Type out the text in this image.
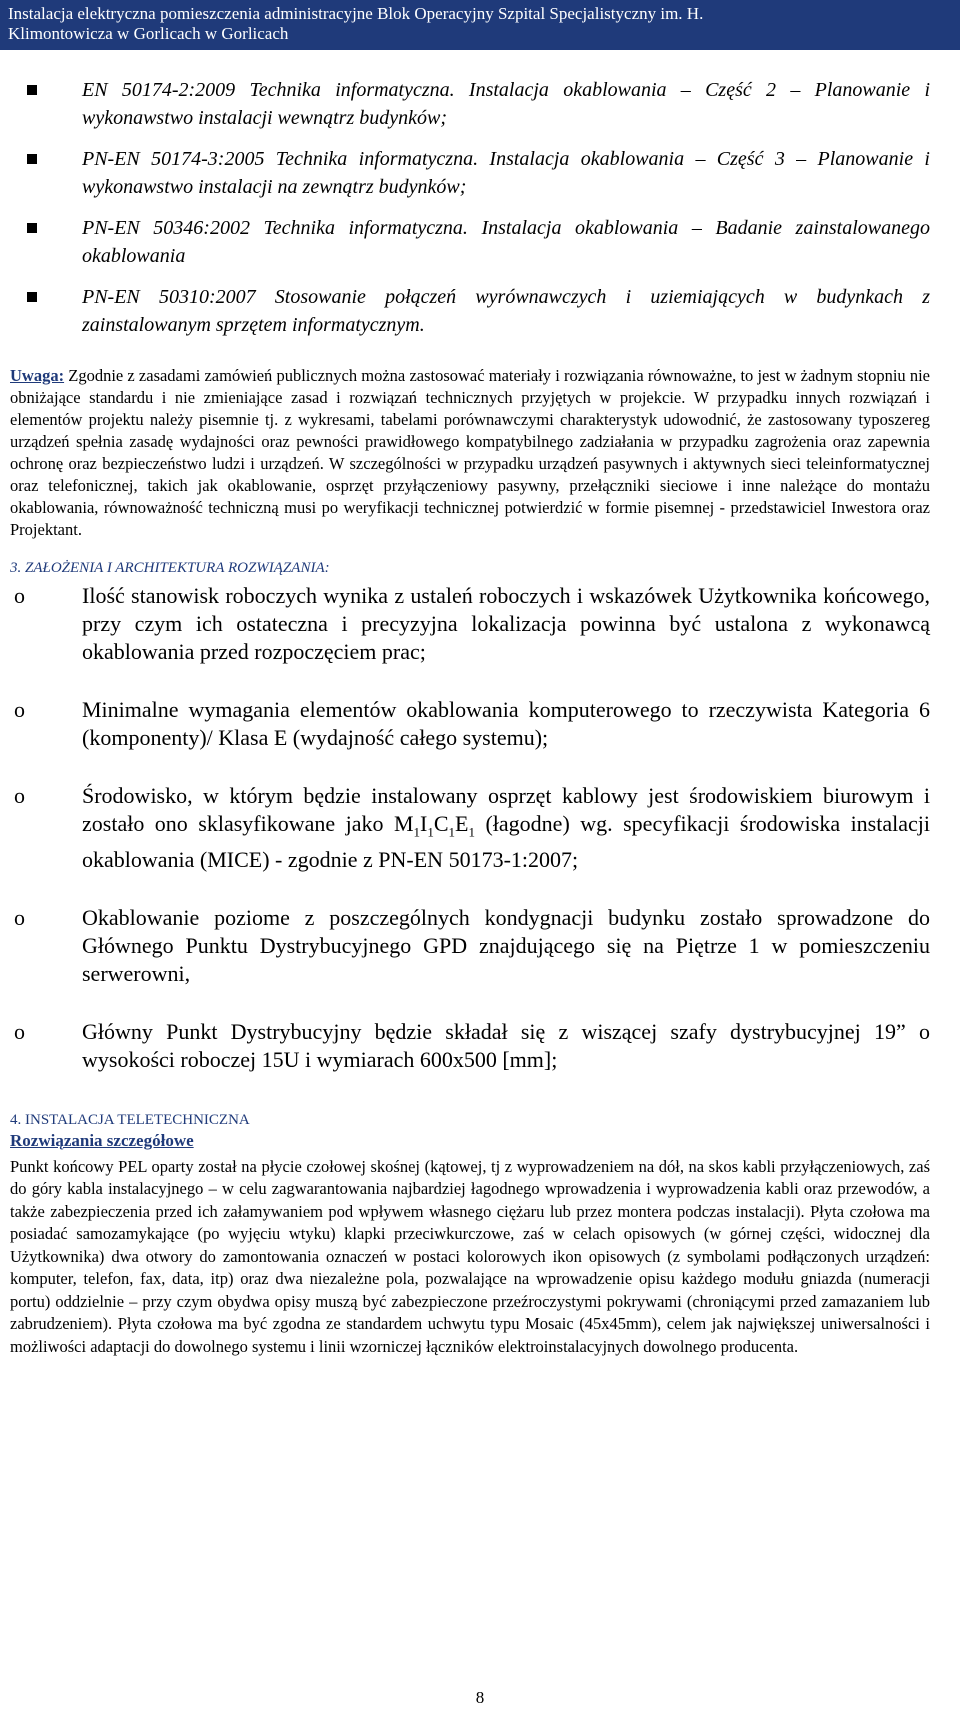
Instalacja elektryczna pomieszczenia administracyjne Blok Operacyjny Szpital Specjalistyczny im. H.
Klimontowicza w Gorlicach w Gorlicach
EN 50174-2:2009 Technika informatyczna. Instalacja okablowania – Część 2 – Planowanie i wykonawstwo instalacji wewnątrz budynków;
PN-EN 50174-3:2005 Technika informatyczna. Instalacja okablowania – Część 3 – Planowanie i wykonawstwo instalacji na zewnątrz budynków;
PN-EN 50346:2002 Technika informatyczna. Instalacja okablowania – Badanie zainstalowanego okablowania
PN-EN 50310:2007 Stosowanie połączeń wyrównawczych i uziemiających w budynkach z zainstalowanym sprzętem informatycznym.

Uwaga: Zgodnie z zasadami zamówień publicznych można zastosować materiały i rozwiązania równoważne, to jest w żadnym stopniu nie obniżające standardu i nie zmieniające zasad i rozwiązań technicznych przyjętych w projekcie. W przypadku innych rozwiązań i elementów projektu należy pisemnie tj. z wykresami, tabelami porównawczymi charakterystyk udowodnić, że zastosowany typoszereg urządzeń spełnia zasadę wydajności oraz pewności prawidłowego kompatybilnego zadziałania w przypadku zagrożenia oraz zapewnia ochronę oraz bezpieczeństwo ludzi i urządzeń. W szczególności w przypadku urządzeń pasywnych i aktywnych sieci teleinformatycznej oraz telefonicznej, takich jak okablowanie, osprzęt przyłączeniowy pasywny, przełączniki sieciowe i inne należące do montażu okablowania, równoważność techniczną musi po weryfikacji technicznej potwierdzić w formie pisemnej - przedstawiciel Inwestora oraz Projektant.

3. ZAŁOŻENIA I ARCHITEKTURA ROZWIĄZANIA:
o	Ilość stanowisk roboczych wynika z ustaleń roboczych i wskazówek Użytkownika końcowego, przy czym ich ostateczna i precyzyjna lokalizacja powinna być ustalona z wykonawcą okablowania przed rozpoczęciem prac;
o	Minimalne wymagania elementów okablowania komputerowego to rzeczywista Kategoria 6 (komponenty)/ Klasa E (wydajność całego systemu);
o	Środowisko, w którym będzie instalowany osprzęt kablowy jest środowiskiem biurowym i zostało ono sklasyfikowane jako $M_1I_1C_1E_1$ (łagodne) wg. specyfikacji środowiska instalacji okablowania (MICE) - zgodnie z PN-EN 50173-1:2007;
o	Okablowanie poziome z poszczególnych kondygnacji budynku zostało sprowadzone do Głównego Punktu Dystrybucyjnego GPD znajdującego się na Piętrze 1 w pomieszczeniu serwerowni,
o	Główny Punkt Dystrybucyjny będzie składał się z wiszącej szafy dystrybucyjnej 19” o wysokości roboczej 15U i wymiarach 600x500 [mm];
4. INSTALACJA TELETECHNICZNA
Rozwiązania szczegółowe

Punkt końcowy PEL oparty został na płycie czołowej skośnej (kątowej, tj z wyprowadzeniem na dół, na skos kabli przyłączeniowych, zaś do góry kabla instalacyjnego – w celu zagwarantowania najbardziej łagodnego wprowadzenia i wyprowadzenia kabli oraz przewodów, a także zabezpieczenia przed ich załamywaniem pod wpływem własnego ciężaru lub przez montera podczas instalacji). Płyta czołowa ma posiadać samozamykające (po wyjęciu wtyku) klapki przeciwkurczowe, zaś w celach opisowych (w górnej części, widocznej dla Użytkownika) dwa otwory do zamontowania oznaczeń w postaci kolorowych ikon opisowych (z symbolami podłączonych urządzeń: komputer, telefon, fax, data, itp) oraz dwa niezależne pola, pozwalające na wprowadzenie opisu każdego modułu gniazda (numeracji portu) oddzielnie – przy czym obydwa opisy muszą być zabezpieczone przeźroczystymi pokrywami (chroniącymi przed zamazaniem lub zabrudzeniem). Płyta czołowa ma być zgodna ze standardem uchwytu typu Mosaic (45x45mm), celem jak największej uniwersalności i możliwości adaptacji do dowolnego systemu i linii wzorniczej łączników elektroinstalacyjnych dowolnego producenta.

8
